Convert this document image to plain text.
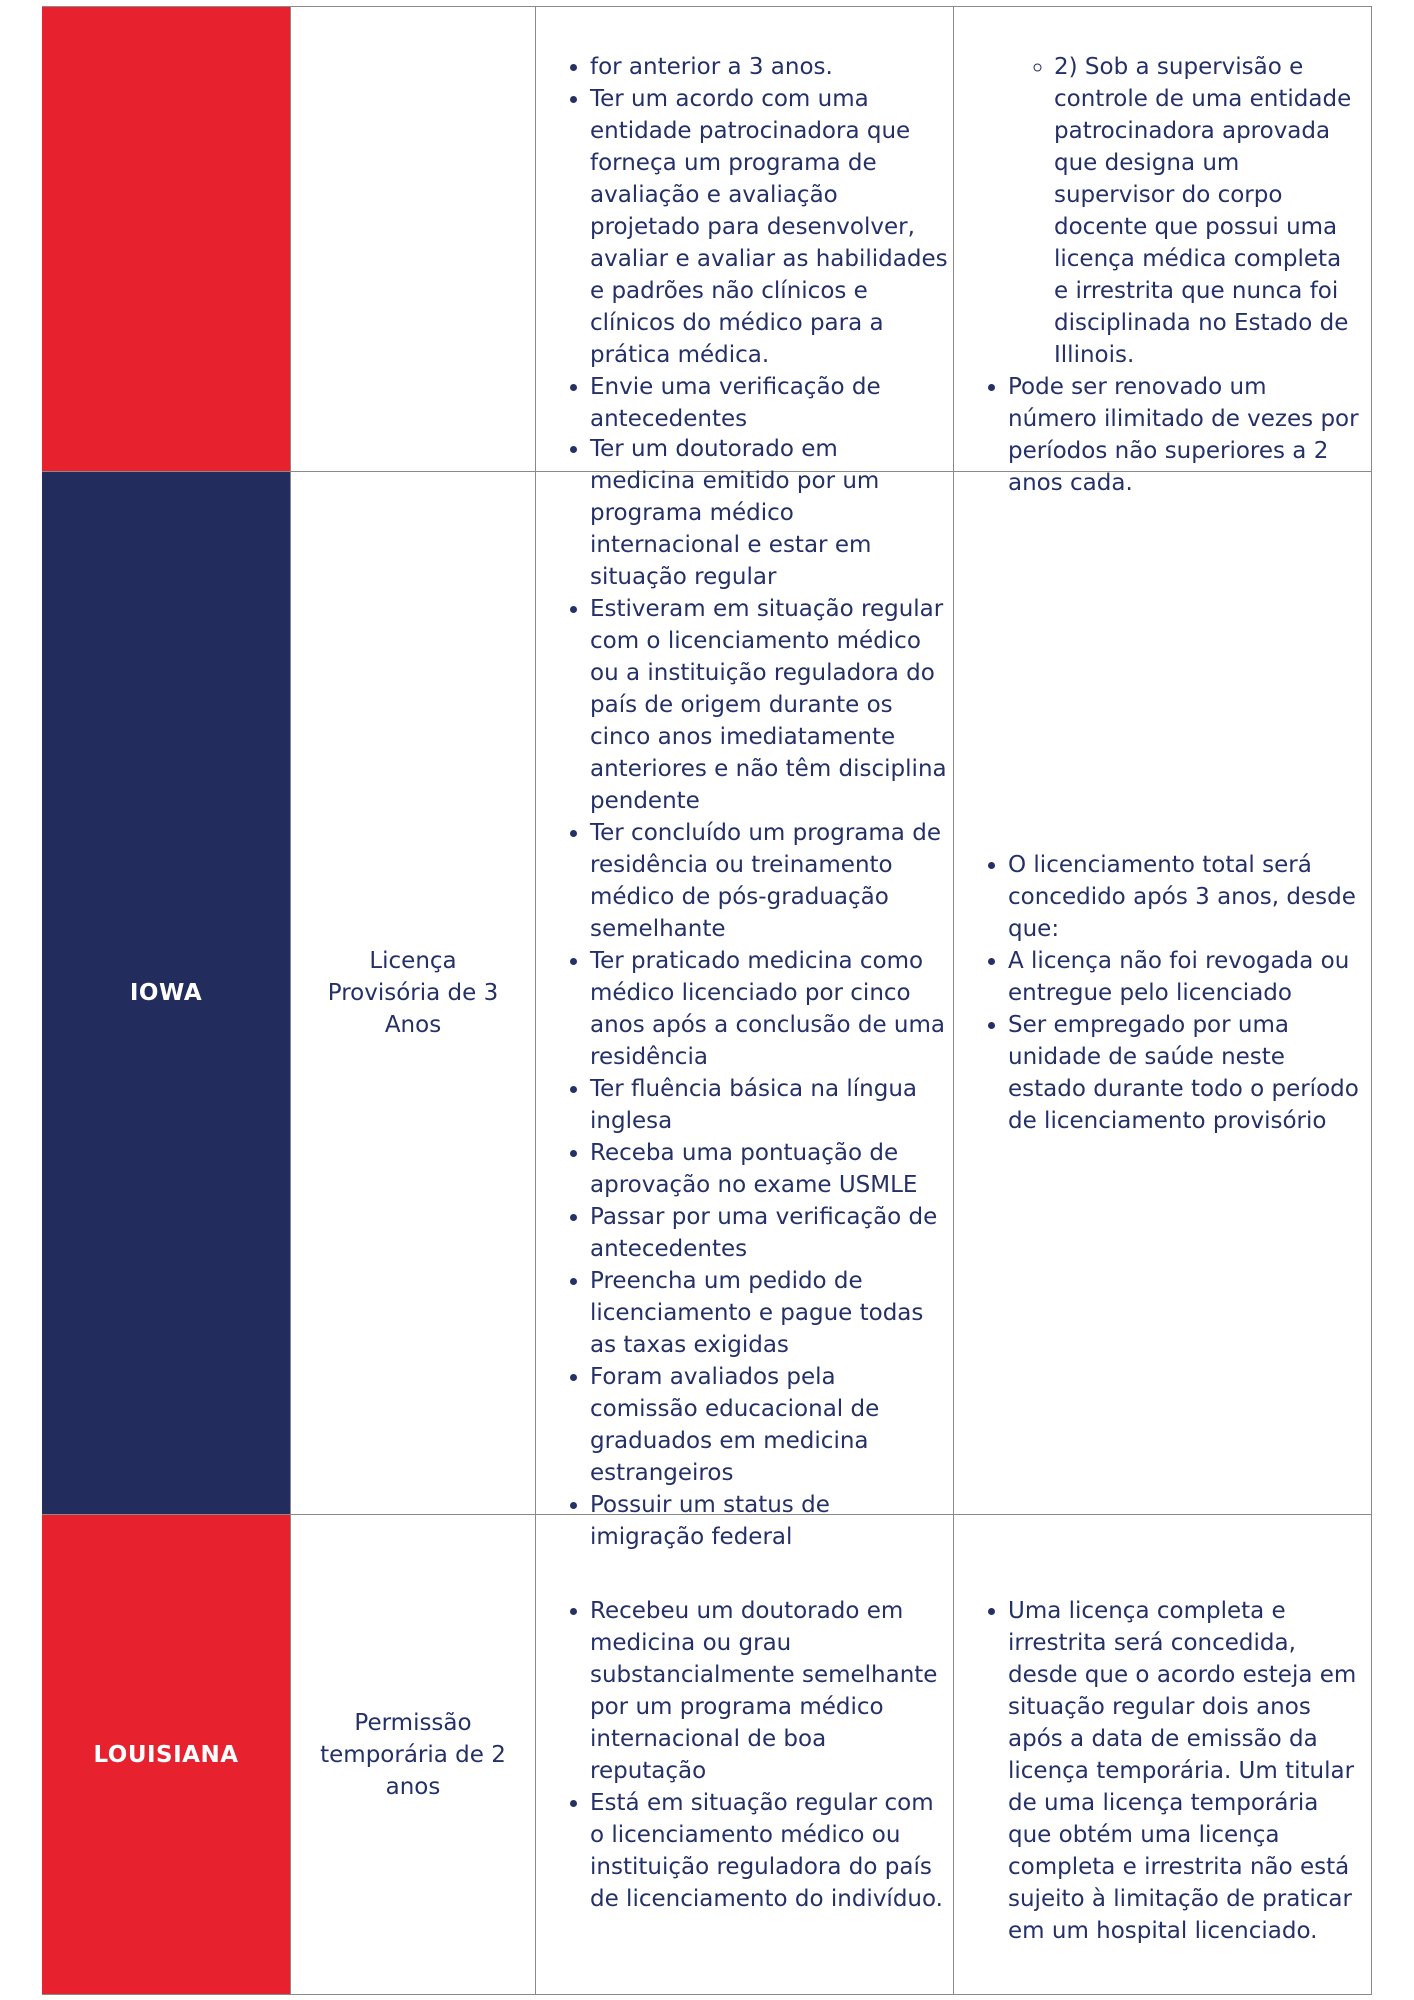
• for anterior a 3 anos.
• Ter um acordo com uma entidade patrocinadora que forneça um programa de avaliação e avaliação projetado para desenvolver, avaliar e avaliar as habilidades e padrões não clínicos e clínicos do médico para a prática médica.
• Envie uma verificação de antecedentes
◦ 2) Sob a supervisão e controle de uma entidade patrocinadora aprovada que designa um supervisor do corpo docente que possui uma licença médica completa e irrestrita que nunca foi disciplinada no Estado de Illinois.
• Pode ser renovado um número ilimitado de vezes por períodos não superiores a 2 anos cada.
IOWA
Licença Provisória de 3 Anos
• Ter um doutorado em medicina emitido por um programa médico internacional e estar em situação regular
• Estiveram em situação regular com o licenciamento médico ou a instituição reguladora do país de origem durante os cinco anos imediatamente anteriores e não têm disciplina pendente
• Ter concluído um programa de residência ou treinamento médico de pós-graduação semelhante
• Ter praticado medicina como médico licenciado por cinco anos após a conclusão de uma residência
• Ter fluência básica na língua inglesa
• Receba uma pontuação de aprovação no exame USMLE
• Passar por uma verificação de antecedentes
• Preencha um pedido de licenciamento e pague todas as taxas exigidas
• Foram avaliados pela comissão educacional de graduados em medicina estrangeiros
• Possuir um status de imigração federal
• O licenciamento total será concedido após 3 anos, desde que:
• A licença não foi revogada ou entregue pelo licenciado
• Ser empregado por uma unidade de saúde neste estado durante todo o período de licenciamento provisório
LOUISIANA
Permissão temporária de 2 anos
• Recebeu um doutorado em medicina ou grau substancialmente semelhante por um programa médico internacional de boa reputação
• Está em situação regular com o licenciamento médico ou instituição reguladora do país de licenciamento do indivíduo.
• Uma licença completa e irrestrita será concedida, desde que o acordo esteja em situação regular dois anos após a data de emissão da licença temporária. Um titular de uma licença temporária que obtém uma licença completa e irrestrita não está sujeito à limitação de praticar em um hospital licenciado.
